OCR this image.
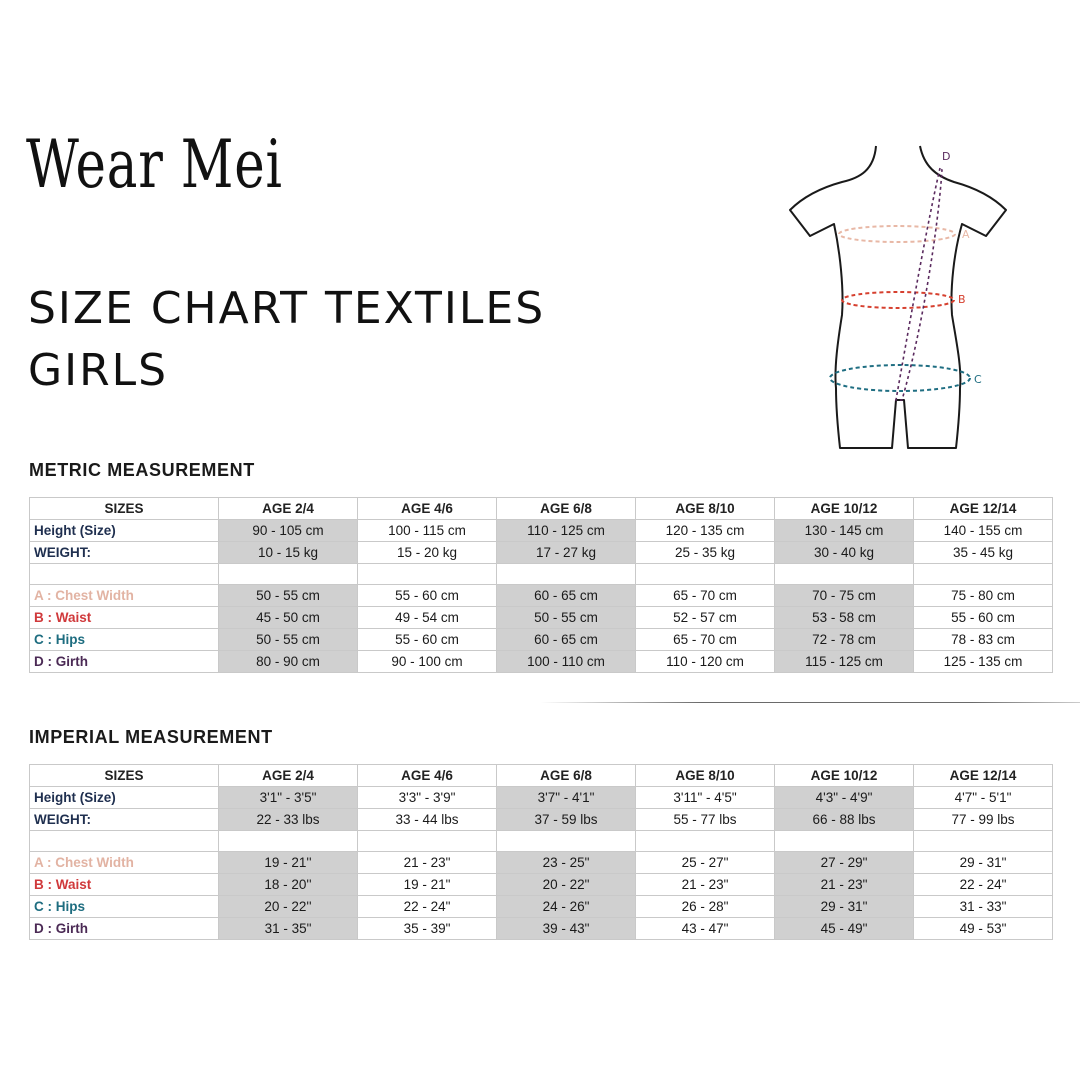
Wear Mei
SIZE CHART TEXTILES
GIRLS
A
B
C
D
METRIC MEASUREMENT
SIZES	AGE 2/4	AGE 4/6	AGE 6/8	AGE 8/10	AGE 10/12	AGE 12/14
Height (Size)	90 - 105 cm	100 - 115 cm	110 - 125 cm	120 - 135 cm	130 - 145 cm	140 - 155 cm
WEIGHT:	10 - 15 kg	15 - 20 kg	17 - 27 kg	25 - 35 kg	30 - 40 kg	35 - 45 kg

A : Chest Width	50 - 55 cm	55 - 60 cm	60 - 65 cm	65 - 70 cm	70 - 75 cm	75 - 80 cm
B : Waist	45 - 50 cm	49 - 54 cm	50 - 55 cm	52 - 57 cm	53 - 58 cm	55 - 60 cm
C : Hips	50 - 55 cm	55 - 60 cm	60 - 65 cm	65 - 70 cm	72 - 78 cm	78 - 83 cm
D : Girth	80 - 90 cm	90 - 100 cm	100 - 110 cm	110 - 120 cm	115 - 125 cm	125 - 135 cm
IMPERIAL MEASUREMENT
SIZES	AGE 2/4	AGE 4/6	AGE 6/8	AGE 8/10	AGE 10/12	AGE 12/14
Height (Size)	3'1" - 3'5"	3'3" - 3'9"	3'7" - 4'1"	3'11" - 4'5"	4'3" - 4'9"	4'7" - 5'1"
WEIGHT:	22 - 33 lbs	33 - 44 lbs	37 - 59 lbs	55 - 77 lbs	66 - 88 lbs	77 - 99 lbs

A : Chest Width	19 - 21''	21 - 23"	23 - 25"	25 - 27"	27 - 29"	29 - 31"
B : Waist	18 - 20''	19 - 21"	20 - 22"	21 - 23"	21 - 23"	22 - 24"
C : Hips	20 - 22''	22 - 24"	24 - 26"	26 - 28"	29 - 31"	31 - 33"
D : Girth	31 - 35"	35 - 39"	39 - 43"	43 - 47"	45 - 49"	49 - 53"
